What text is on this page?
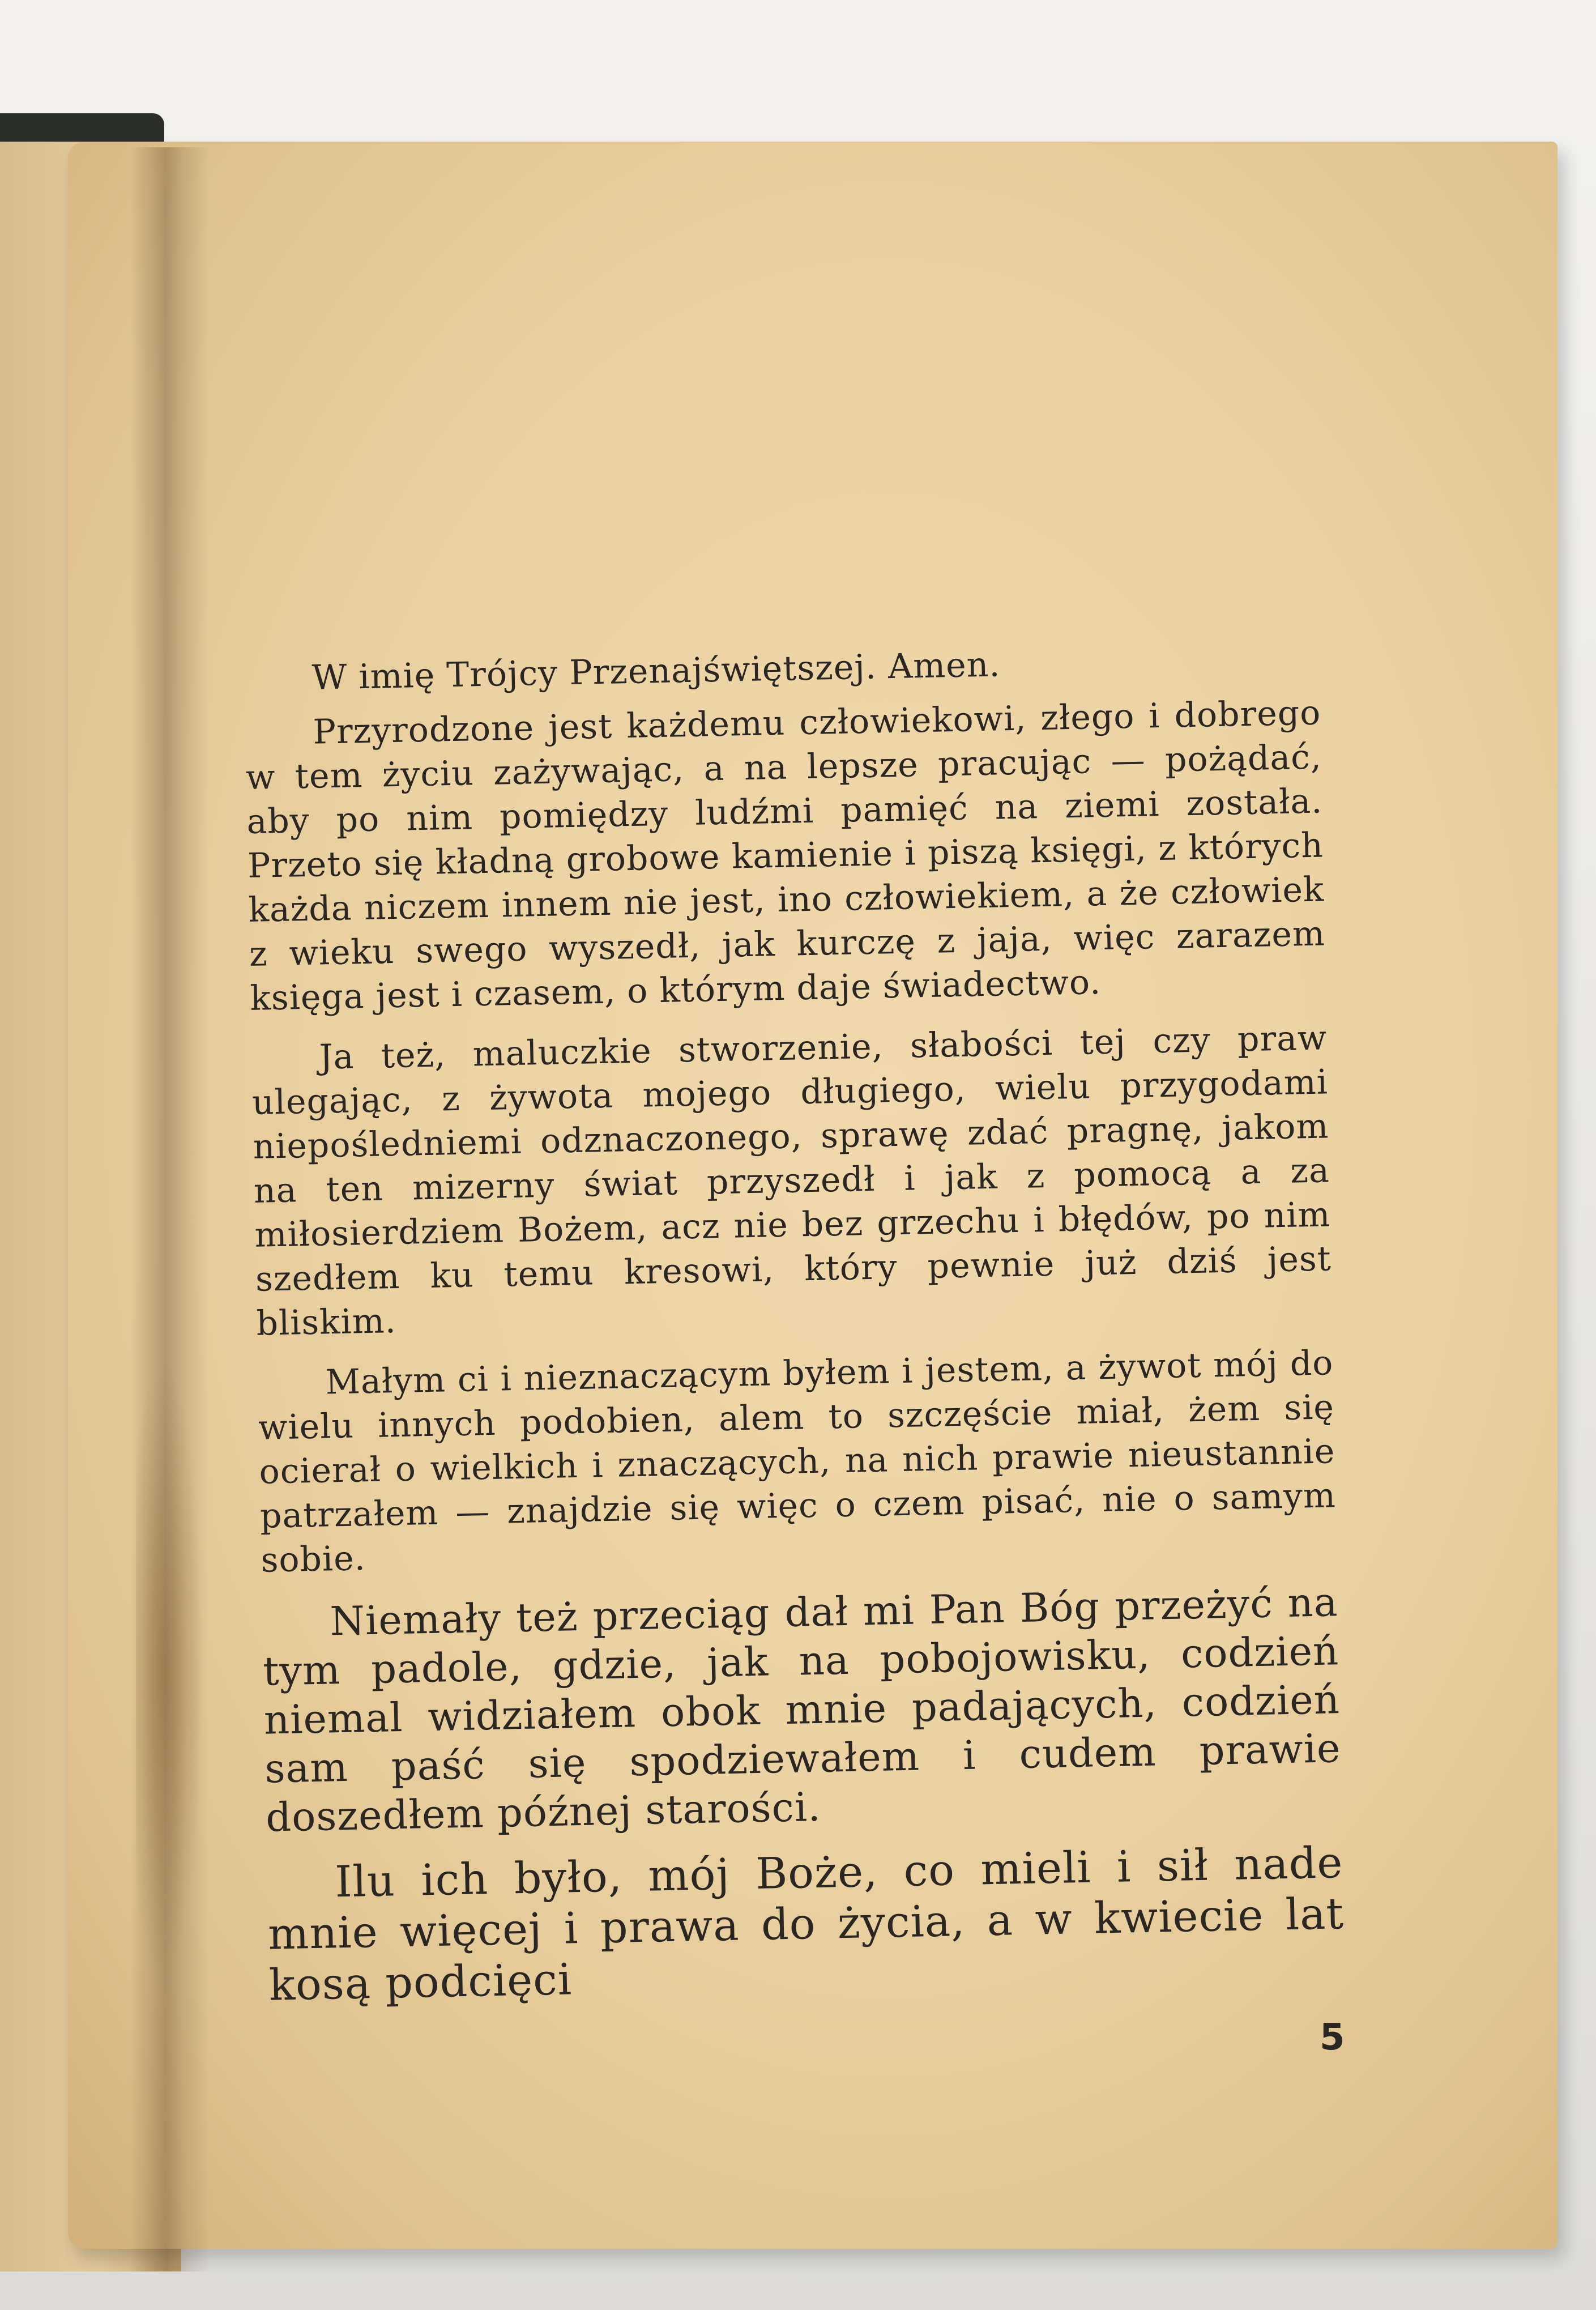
W imię Trójcy Przenajświętszej. Amen.

Przyrodzone jest każdemu człowiekowi, złego i dobrego w tem życiu zażywając, a na lepsze pracując — pożądać, aby po nim pomiędzy ludźmi pamięć na ziemi została. Przeto się kładną grobowe kamienie i piszą księgi, z których każda niczem innem nie jest, ino człowiekiem, a że człowiek z wieku swego wyszedł, jak kurczę z jaja, więc zarazem księga jest i czasem, o którym daje świadectwo.

Ja też, maluczkie stworzenie, słabości tej czy praw ulegając, z żywota mojego długiego, wielu przygodami niepośledniemi odznaczonego, sprawę zdać pragnę, jakom na ten mizerny świat przyszedł i jak z pomocą a za miłosierdziem Bożem, acz nie bez grzechu i błędów, po nim szedłem ku temu kresowi, który pewnie już dziś jest bliskim.

Małym ci i nieznaczącym byłem i jestem, a żywot mój do wielu innych podobien, alem to szczęście miał, żem się ocierał o wielkich i znaczących, na nich prawie nieustannie patrzałem — znajdzie się więc o czem pisać, nie o samym sobie.

Niemały też przeciąg dał mi Pan Bóg przeżyć na tym padole, gdzie, jak na pobojowisku, codzień niemal widziałem obok mnie padających, codzień sam paść się spodziewałem i cudem prawie doszedłem późnej starości.

Ilu ich było, mój Boże, co mieli i sił nade mnie więcej i prawa do życia, a w kwiecie lat kosą podcięci

5
